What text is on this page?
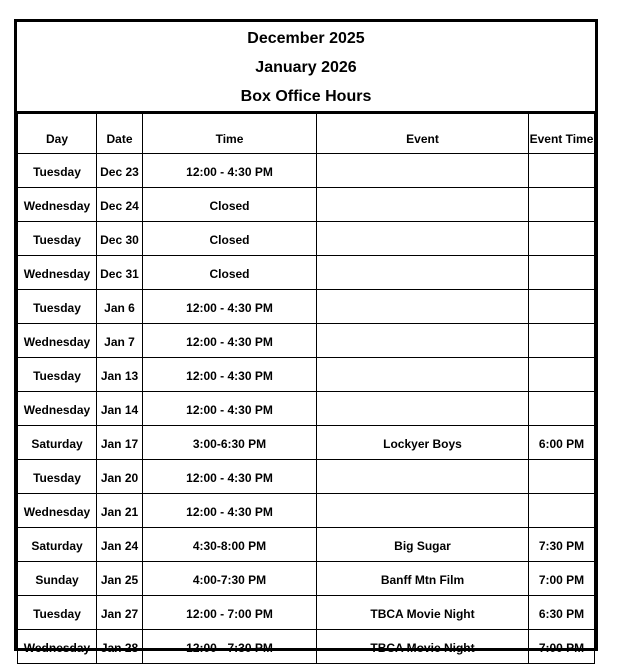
December 2025
January 2026
Box Office Hours
Day	Date	Time	Event	Event Time
Tuesday	Dec 23	12:00 - 4:30 PM		
Wednesday	Dec 24	Closed		
Tuesday	Dec 30	Closed		
Wednesday	Dec 31	Closed		
Tuesday	Jan 6	12:00 - 4:30 PM		
Wednesday	Jan 7	12:00 - 4:30 PM		
Tuesday	Jan 13	12:00 - 4:30 PM		
Wednesday	Jan 14	12:00 - 4:30 PM		
Saturday	Jan 17	3:00-6:30 PM	Lockyer Boys	6:00 PM
Tuesday	Jan 20	12:00 - 4:30 PM		
Wednesday	Jan 21	12:00 - 4:30 PM		
Saturday	Jan 24	4:30-8:00 PM	Big Sugar	7:30 PM
Sunday	Jan 25	4:00-7:30 PM	Banff Mtn Film	7:00 PM
Tuesday	Jan 27	12:00 - 7:00 PM	TBCA Movie Night	6:30 PM
Wednesday	Jan 28	12:00 - 7:30 PM	TBCA Movie Night	7:00 PM
